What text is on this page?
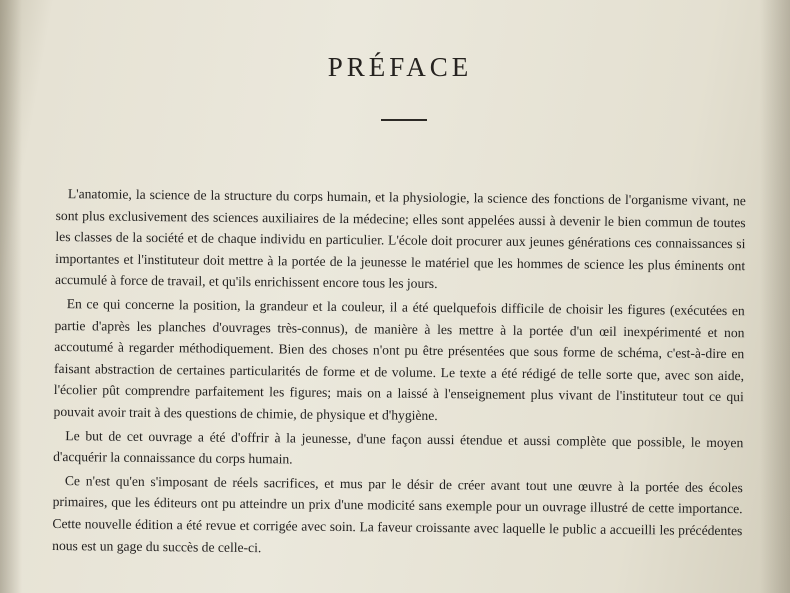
PRÉFACE

L'anatomie, la science de la structure du corps humain, et la physiologie, la science des fonctions de l'organisme vivant, ne sont plus exclusivement des sciences auxiliaires de la médecine; elles sont appelées aussi à devenir le bien commun de toutes les classes de la société et de chaque individu en particulier. L'école doit procurer aux jeunes générations ces connaissances si importantes et l'instituteur doit mettre à la portée de la jeunesse le matériel que les hommes de science les plus éminents ont accumulé à force de travail, et qu'ils enrichissent encore tous les jours.

En ce qui concerne la position, la grandeur et la couleur, il a été quelquefois difficile de choisir les figures (exécutées en partie d'après les planches d'ouvrages très-connus), de manière à les mettre à la portée d'un œil inexpérimenté et non accoutumé à regarder méthodiquement. Bien des choses n'ont pu être présentées que sous forme de schéma, c'est-à-dire en faisant abstraction de certaines particularités de forme et de volume. Le texte a été rédigé de telle sorte que, avec son aide, l'écolier pût comprendre parfaitement les figures; mais on a laissé à l'enseignement plus vivant de l'instituteur tout ce qui pouvait avoir trait à des questions de chimie, de physique et d'hygiène.

Le but de cet ouvrage a été d'offrir à la jeunesse, d'une façon aussi étendue et aussi complète que possible, le moyen d'acquérir la connaissance du corps humain.

Ce n'est qu'en s'imposant de réels sacrifices, et mus par le désir de créer avant tout une œuvre à la portée des écoles primaires, que les éditeurs ont pu atteindre un prix d'une modicité sans exemple pour un ouvrage illustré de cette importance. Cette nouvelle édition a été revue et corrigée avec soin. La faveur croissante avec laquelle le public a accueilli les précédentes nous est un gage du succès de celle-ci.
